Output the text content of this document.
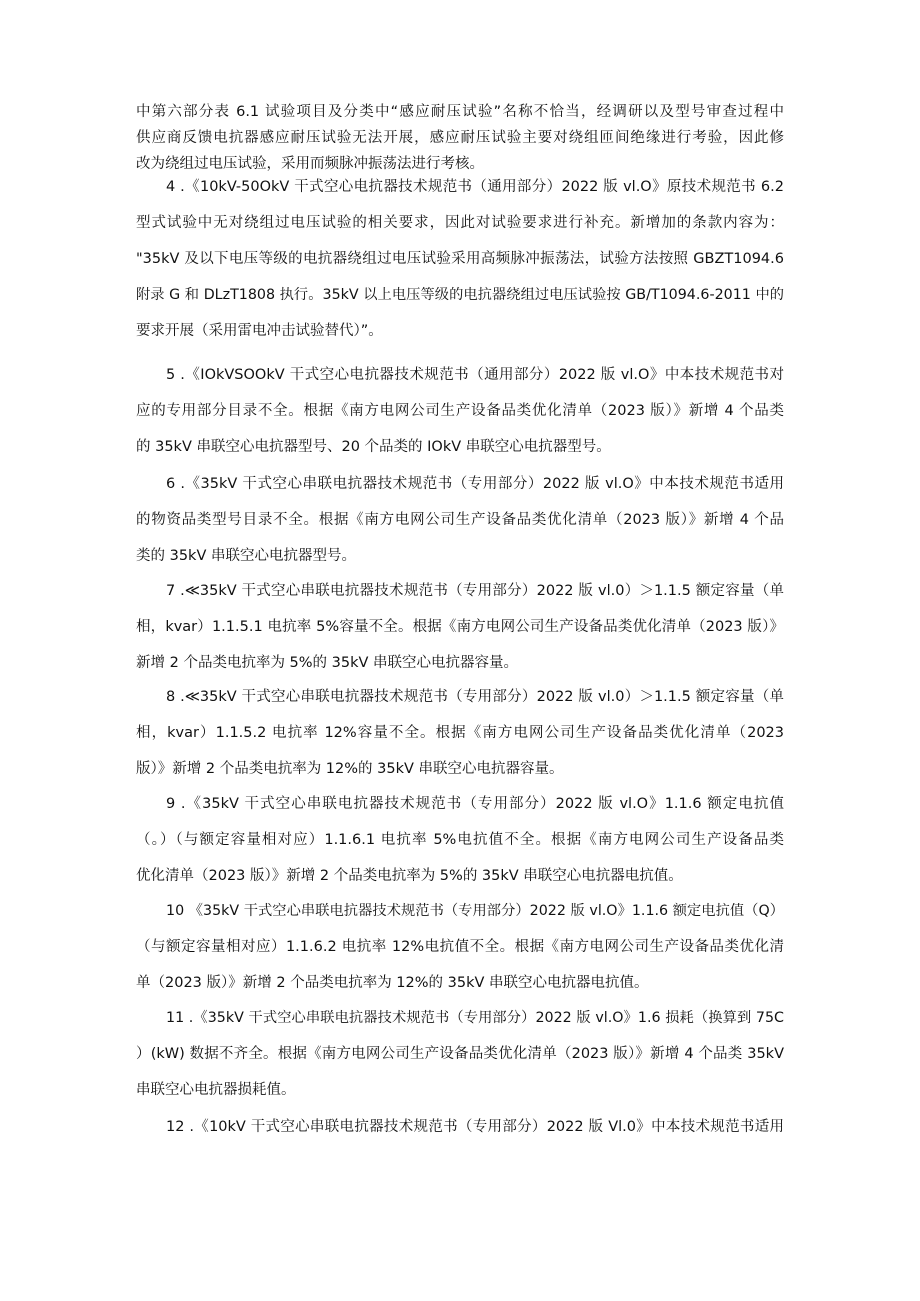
中第六部分表 6.1 试验项目及分类中“感应耐压试验”名称不恰当，经调研以及型号审查过程中
供应商反馈电抗器感应耐压试验无法开展，感应耐压试验主要对绕组匝间绝缘进行考验，因此修
改为绕组过电压试验，采用而频脉冲振荡法进行考核。
4 .《10kV-50OkV 干式空心电抗器技术规范书（通用部分）2022 版 vl.O》原技术规范书 6.2
型式试验中无对绕组过电压试验的相关要求，因此对试验要求进行补充。新增加的条款内容为：
"35kV 及以下电压等级的电抗器绕组过电压试验采用高频脉冲振荡法，试验方法按照 GBZT1094.6
附录 G 和 DLzT1808 执行。35kV 以上电压等级的电抗器绕组过电压试验按 GB/T1094.6-2011 中的
要求开展（采用雷电冲击试验替代）”。
5 .《IOkVSOOkV 干式空心电抗器技术规范书（通用部分）2022 版 vl.O》中本技术规范书对
应的专用部分目录不全。根据《南方电网公司生产设备品类优化清单（2023 版）》新增 4 个品类
的 35kV 串联空心电抗器型号、20 个品类的 IOkV 串联空心电抗器型号。
6 .《35kV 干式空心串联电抗器技术规范书（专用部分）2022 版 vl.O》中本技术规范书适用
的物资品类型号目录不全。根据《南方电网公司生产设备品类优化清单（2023 版）》新增 4 个品
类的 35kV 串联空心电抗器型号。
7 .≪35kV 干式空心串联电抗器技术规范书（专用部分）2022 版 vl.0）＞1.1.5 额定容量（单
相，kvar）1.1.5.1 电抗率 5%容量不全。根据《南方电网公司生产设备品类优化清单（2023 版）》
新增 2 个品类电抗率为 5%的 35kV 串联空心电抗器容量。
8 .≪35kV 干式空心串联电抗器技术规范书（专用部分）2022 版 vl.0）＞1.1.5 额定容量（单
相，kvar）1.1.5.2 电抗率 12%容量不全。根据《南方电网公司生产设备品类优化清单（2023
版）》新增 2 个品类电抗率为 12%的 35kV 串联空心电抗器容量。
9 .《35kV 干式空心串联电抗器技术规范书（专用部分）2022 版 vl.O》1.1.6 额定电抗值
（。）（与额定容量相对应）1.1.6.1 电抗率 5%电抗值不全。根据《南方电网公司生产设备品类
优化清单（2023 版）》新增 2 个品类电抗率为 5%的 35kV 串联空心电抗器电抗值。
10 《35kV 干式空心串联电抗器技术规范书（专用部分）2022 版 vl.O》1.1.6 额定电抗值（Q）
（与额定容量相对应）1.1.6.2 电抗率 12%电抗值不全。根据《南方电网公司生产设备品类优化清
单（2023 版）》新增 2 个品类电抗率为 12%的 35kV 串联空心电抗器电抗值。
11 .《35kV 干式空心串联电抗器技术规范书（专用部分）2022 版 vl.O》1.6 损耗（换算到 75C
）(kW) 数据不齐全。根据《南方电网公司生产设备品类优化清单（2023 版）》新增 4 个品类 35kV
串联空心电抗器损耗值。
12 .《10kV 干式空心串联电抗器技术规范书（专用部分）2022 版 Vl.0》中本技术规范书适用
